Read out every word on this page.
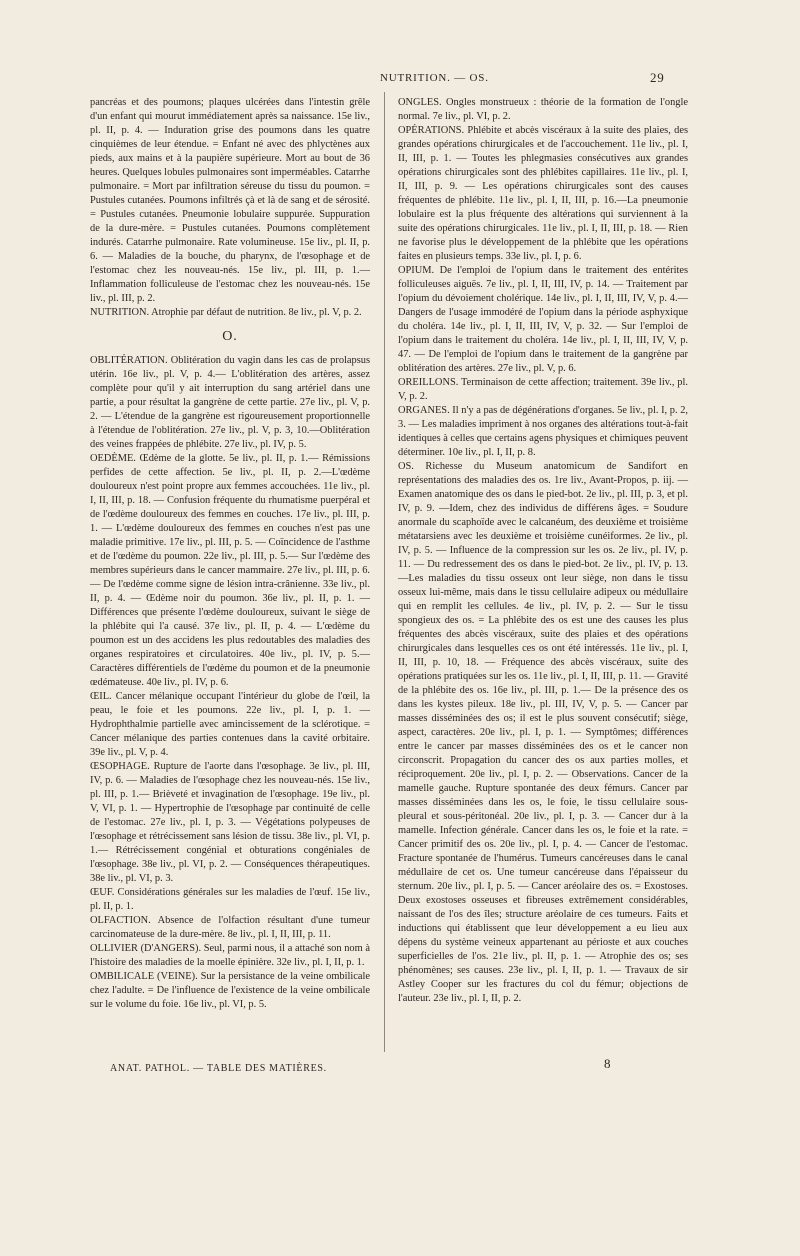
NUTRITION. — OS.	29

pancréas et des poumons; plaques ulcérées dans l'intestin grêle d'un enfant qui mourut immédiatement après sa naissance. 15e liv., pl. II, p. 4. — Induration grise des poumons dans les quatre cinquièmes de leur étendue. = Enfant né avec des phlyctènes aux pieds, aux mains et à la paupière supérieure. Mort au bout de 36 heures. Quelques lobules pulmonaires sont imperméables. Catarrhe pulmonaire. = Mort par infiltration séreuse du tissu du poumon. = Pustules cutanées. Poumons infiltrés çà et là de sang et de sérosité. = Pustules cutanées. Pneumonie lobulaire suppurée. Suppuration de la dure-mère. = Pustules cutanées. Poumons complètement indurés. Catarrhe pulmonaire. Rate volumineuse. 15e liv., pl. II, p. 6. — Maladies de la bouche, du pharynx, de l'œsophage et de l'estomac chez les nouveau-nés. 15e liv., pl. III, p. 1.— Inflammation folliculeuse de l'estomac chez les nouveau-nés. 15e liv., pl. III, p. 2.

NUTRITION. Atrophie par défaut de nutrition. 8e liv., pl. V, p. 2.

O.

OBLITÉRATION. Oblitération du vagin dans les cas de prolapsus utérin. 16e liv., pl. V, p. 4.— L'oblitération des artères, assez complète pour qu'il y ait interruption du sang artériel dans une partie, a pour résultat la gangrène de cette partie. 27e liv., pl. V, p. 2. — L'étendue de la gangrène est rigoureusement proportionnelle à l'étendue de l'oblitération. 27e liv., pl. V, p. 3, 10.—Oblitération des veines frappées de phlébite. 27e liv., pl. IV, p. 5.

OEDÈME. Œdème de la glotte. 5e liv., pl. II, p. 1.— Rémissions perfides de cette affection. 5e liv., pl. II, p. 2.—L'œdème douloureux n'est point propre aux femmes accouchées. 11e liv., pl. I, II, III, p. 18. — Confusion fréquente du rhumatisme puerpéral et de l'œdème douloureux des femmes en couches. 17e liv., pl. III, p. 1. — L'œdème douloureux des femmes en couches n'est pas une maladie primitive. 17e liv., pl. III, p. 5. — Coïncidence de l'asthme et de l'œdème du poumon. 22e liv., pl. III, p. 5.— Sur l'œdème des membres supérieurs dans le cancer mammaire. 27e liv., pl. III, p. 6. — De l'œdème comme signe de lésion intra-crânienne. 33e liv., pl. II, p. 4. — Œdème noir du poumon. 36e liv., pl. II, p. 1. — Différences que présente l'œdème douloureux, suivant le siège de la phlébite qui l'a causé. 37e liv., pl. II, p. 4. — L'œdème du poumon est un des accidens les plus redoutables des maladies des organes respiratoires et circulatoires. 40e liv., pl. IV, p. 5.—Caractères différentiels de l'œdème du poumon et de la pneumonie œdémateuse. 40e liv., pl. IV, p. 6.

ŒIL. Cancer mélanique occupant l'intérieur du globe de l'œil, la peau, le foie et les poumons. 22e liv., pl. I, p. 1. — Hydrophthalmie partielle avec amincissement de la sclérotique. = Cancer mélanique des parties contenues dans la cavité orbitaire. 39e liv., pl. V, p. 4.

ŒSOPHAGE. Rupture de l'aorte dans l'œsophage. 3e liv., pl. III, IV, p. 6. — Maladies de l'œsophage chez les nouveau-nés. 15e liv., pl. III, p. 1.— Brièveté et invagination de l'œsophage. 19e liv., pl. V, VI, p. 1. — Hypertrophie de l'œsophage par continuité de celle de l'estomac. 27e liv., pl. I, p. 3. — Végétations polypeuses de l'œsophage et rétrécissement sans lésion de tissu. 38e liv., pl. VI, p. 1.— Rétrécissement congénial et obturations congéniales de l'œsophage. 38e liv., pl. VI, p. 2. — Conséquences thérapeutiques. 38e liv., pl. VI, p. 3.

ŒUF. Considérations générales sur les maladies de l'œuf. 15e liv., pl. II, p. 1.

OLFACTION. Absence de l'olfaction résultant d'une tumeur carcinomateuse de la dure-mère. 8e liv., pl. I, II, III, p. 11.

OLLIVIER (D'ANGERS). Seul, parmi nous, il a attaché son nom à l'histoire des maladies de la moelle épinière. 32e liv., pl. I, II, p. 1.

OMBILICALE (VEINE). Sur la persistance de la veine ombilicale chez l'adulte. = De l'influence de l'existence de la veine ombilicale sur le volume du foie. 16e liv., pl. VI, p. 5.

ONGLES. Ongles monstrueux : théorie de la formation de l'ongle normal. 7e liv., pl. VI, p. 2.

OPÉRATIONS. Phlébite et abcès viscéraux à la suite des plaies, des grandes opérations chirurgicales et de l'accouchement. 11e liv., pl. I, II, III, p. 1. — Toutes les phlegmasies consécutives aux grandes opérations chirurgicales sont des phlébites capillaires. 11e liv., pl. I, II, III, p. 9. — Les opérations chirurgicales sont des causes fréquentes de phlébite. 11e liv., pl. I, II, III, p. 16.—La pneumonie lobulaire est la plus fréquente des altérations qui surviennent à la suite des opérations chirurgicales. 11e liv., pl. I, II, III, p. 18. — Rien ne favorise plus le développement de la phlébite que les opérations faites en plusieurs temps. 33e liv., pl. I, p. 6.

OPIUM. De l'emploi de l'opium dans le traitement des entérites folliculeuses aiguës. 7e liv., pl. I, II, III, IV, p. 14. — Traitement par l'opium du dévoiement cholérique. 14e liv., pl. I, II, III, IV, V, p. 4.—Dangers de l'usage immodéré de l'opium dans la période asphyxique du choléra. 14e liv., pl. I, II, III, IV, V, p. 32. — Sur l'emploi de l'opium dans le traitement du choléra. 14e liv., pl. I, II, III, IV, V, p. 47. — De l'emploi de l'opium dans le traitement de la gangrène par oblitération des artères. 27e liv., pl. V, p. 6.

OREILLONS. Terminaison de cette affection; traitement. 39e liv., pl. V, p. 2.

ORGANES. Il n'y a pas de dégénérations d'organes. 5e liv., pl. I, p. 2, 3. — Les maladies impriment à nos organes des altérations tout-à-fait identiques à celles que certains agens physiques et chimiques peuvent déterminer. 10e liv., pl. I, II, p. 8.

OS. Richesse du Museum anatomicum de Sandifort en représentations des maladies des os. 1re liv., Avant-Propos, p. iij. — Examen anatomique des os dans le pied-bot. 2e liv., pl. III, p. 3, et pl. IV, p. 9. —Idem, chez des individus de différens âges. = Soudure anormale du scaphoïde avec le calcanéum, des deuxième et troisième métatarsiens avec les deuxième et troisième cunéiformes. 2e liv., pl. IV, p. 5. — Influence de la compression sur les os. 2e liv., pl. IV, p. 11. — Du redressement des os dans le pied-bot. 2e liv., pl. IV, p. 13.—Les maladies du tissu osseux ont leur siège, non dans le tissu osseux lui-même, mais dans le tissu cellulaire adipeux ou médullaire qui en remplit les cellules. 4e liv., pl. IV, p. 2. — Sur le tissu spongieux des os. = La phlébite des os est une des causes les plus fréquentes des abcès viscéraux, suite des plaies et des opérations chirurgicales dans lesquelles ces os ont été intéressés. 11e liv., pl. I, II, III, p. 10, 18. — Fréquence des abcès viscéraux, suite des opérations pratiquées sur les os. 11e liv., pl. I, II, III, p. 11. — Gravité de la phlébite des os. 16e liv., pl. III, p. 1.— De la présence des os dans les kystes pileux. 18e liv., pl. III, IV, V, p. 5. — Cancer par masses disséminées des os; il est le plus souvent consécutif; siège, aspect, caractères. 20e liv., pl. I, p. 1. — Symptômes; différences entre le cancer par masses disséminées des os et le cancer non circonscrit. Propagation du cancer des os aux parties molles, et réciproquement. 20e liv., pl. I, p. 2. — Observations. Cancer de la mamelle gauche. Rupture spontanée des deux fémurs. Cancer par masses disséminées dans les os, le foie, le tissu cellulaire sous-pleural et sous-péritonéal. 20e liv., pl. I, p. 3. — Cancer dur à la mamelle. Infection générale. Cancer dans les os, le foie et la rate. = Cancer primitif des os. 20e liv., pl. I, p. 4. — Cancer de l'estomac. Fracture spontanée de l'humérus. Tumeurs cancéreuses dans le canal médullaire de cet os. Une tumeur cancéreuse dans l'épaisseur du sternum. 20e liv., pl. I, p. 5. — Cancer aréolaire des os. = Exostoses. Deux exostoses osseuses et fibreuses extrêmement considérables, naissant de l'os des îles; structure aréolaire de ces tumeurs. Faits et inductions qui établissent que leur développement a eu lieu aux dépens du système veineux appartenant au périoste et aux couches superficielles de l'os. 21e liv., pl. II, p. 1. — Atrophie des os; ses phénomènes; ses causes. 23e liv., pl. I, II, p. 1. — Travaux de sir Astley Cooper sur les fractures du col du fémur; objections de l'auteur. 23e liv., pl. I, II, p. 2.

ANAT. PATHOL. — TABLE DES MATIÈRES.	8
